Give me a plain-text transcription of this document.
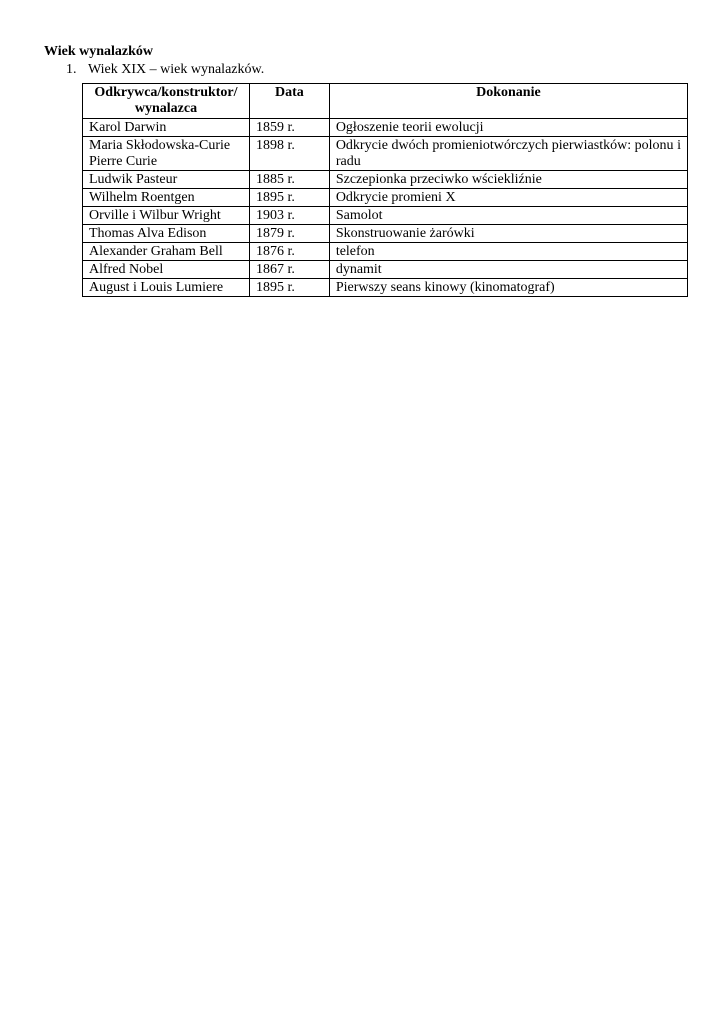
Wiek wynalazków
1. Wiek XIX – wiek wynalazków.
Odkrywca/konstruktor/ wynalazca	Data	Dokonanie
Karol Darwin	1859 r.	Ogłoszenie teorii ewolucji
Maria Skłodowska-Curie Pierre Curie	1898 r.	Odkrycie dwóch promieniotwórczych pierwiastków: polonu i radu
Ludwik Pasteur	1885 r.	Szczepionka przeciwko wściekliźnie
Wilhelm Roentgen	1895 r.	Odkrycie promieni X
Orville i Wilbur Wright	1903 r.	Samolot
Thomas Alva Edison	1879 r.	Skonstruowanie żarówki
Alexander Graham Bell	1876 r.	telefon
Alfred Nobel	1867 r.	dynamit
August i Louis Lumiere	1895 r.	Pierwszy seans kinowy (kinomatograf)
